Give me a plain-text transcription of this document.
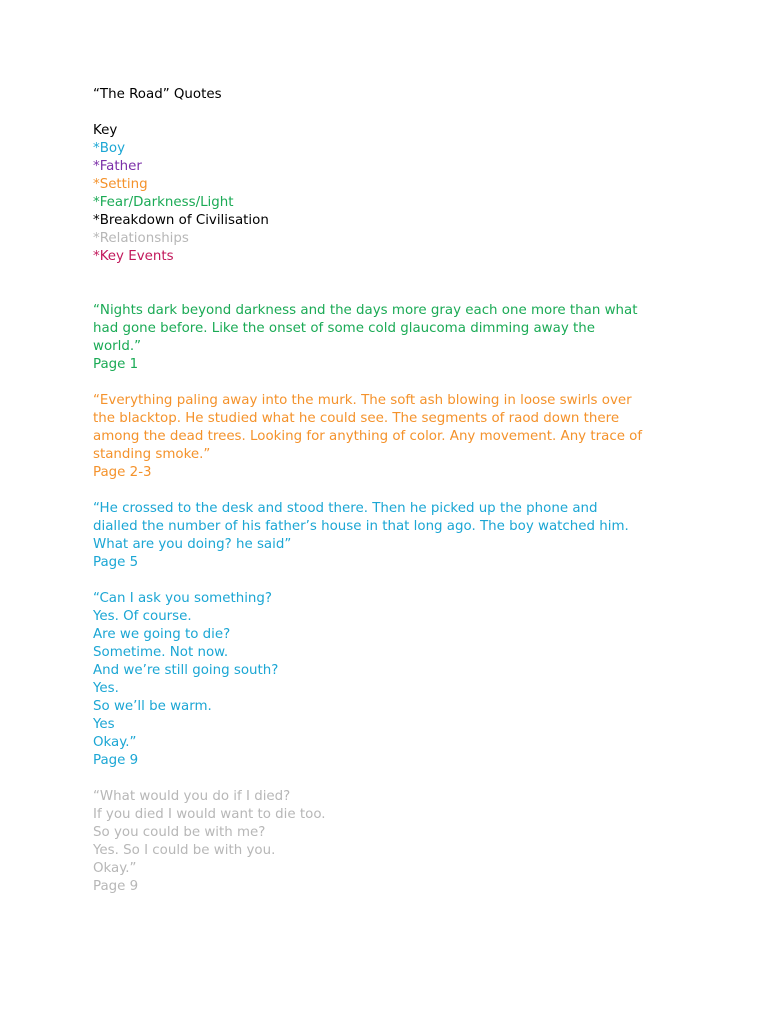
“The Road” Quotes
Key
*Boy
*Father
*Setting
*Fear/Darkness/Light
*Breakdown of Civilisation
*Relationships
*Key Events
“Nights dark beyond darkness and the days more gray each one more than what
had gone before. Like the onset of some cold glaucoma dimming away the
world.”
Page 1
“Everything paling away into the murk. The soft ash blowing in loose swirls over
the blacktop. He studied what he could see. The segments of raod down there
among the dead trees. Looking for anything of color. Any movement. Any trace of
standing smoke.”
Page 2-3
“He crossed to the desk and stood there. Then he picked up the phone and
dialled the number of his father’s house in that long ago. The boy watched him.
What are you doing? he said”
Page 5
“Can I ask you something?
Yes. Of course.
Are we going to die?
Sometime. Not now.
And we’re still going south?
Yes.
So we’ll be warm.
Yes
Okay.”
Page 9
“What would you do if I died?
If you died I would want to die too.
So you could be with me?
Yes. So I could be with you.
Okay.”
Page 9
